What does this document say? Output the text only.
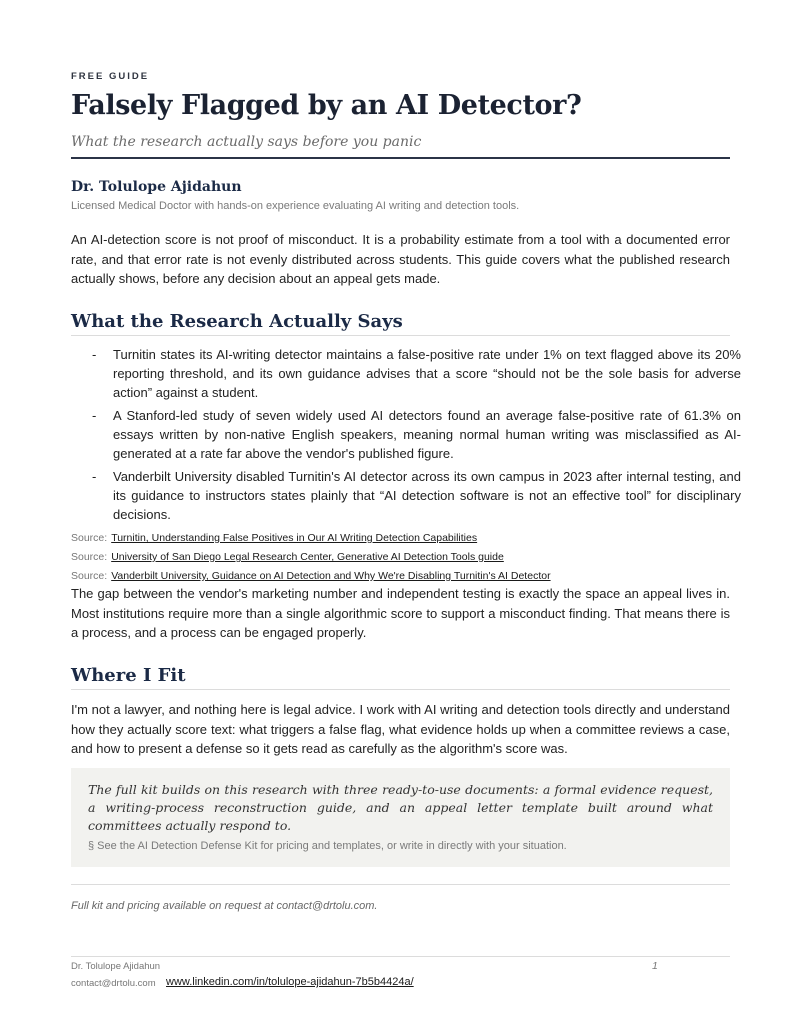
FREE GUIDE
Falsely Flagged by an AI Detector?
What the research actually says before you panic
Dr. Tolulope Ajidahun
Licensed Medical Doctor with hands-on experience evaluating AI writing and detection tools.

An AI-detection score is not proof of misconduct. It is a probability estimate from a tool with a documented error rate, and that error rate is not evenly distributed across students. This guide covers what the published research actually shows, before any decision about an appeal gets made.

What the Research Actually Says
- Turnitin states its AI-writing detector maintains a false-positive rate under 1% on text flagged above its 20% reporting threshold, and its own guidance advises that a score “should not be the sole basis for adverse action” against a student.
- A Stanford-led study of seven widely used AI detectors found an average false-positive rate of 61.3% on essays written by non-native English speakers, meaning normal human writing was misclassified as AI-generated at a rate far above the vendor's published figure.
- Vanderbilt University disabled Turnitin's AI detector across its own campus in 2023 after internal testing, and its guidance to instructors states plainly that “AI detection software is not an effective tool” for disciplinary decisions.
Source: Turnitin, Understanding False Positives in Our AI Writing Detection Capabilities
Source: University of San Diego Legal Research Center, Generative AI Detection Tools guide
Source: Vanderbilt University, Guidance on AI Detection and Why We're Disabling Turnitin's AI Detector

The gap between the vendor's marketing number and independent testing is exactly the space an appeal lives in. Most institutions require more than a single algorithmic score to support a misconduct finding. That means there is a process, and a process can be engaged properly.

Where I Fit

I'm not a lawyer, and nothing here is legal advice. I work with AI writing and detection tools directly and understand how they actually score text: what triggers a false flag, what evidence holds up when a committee reviews a case, and how to present a defense so it gets read as carefully as the algorithm's score was.

The full kit builds on this research with three ready-to-use documents: a formal evidence request, a writing-process reconstruction guide, and an appeal letter template built around what committees actually respond to.

§ See the AI Detection Defense Kit for pricing and templates, or write in directly with your situation.
Full kit and pricing available on request at contact@drtolu.com.
Dr. Tolulope Ajidahun	1
contact@drtolu.com www.linkedin.com/in/tolulope-ajidahun-7b5b4424a/
